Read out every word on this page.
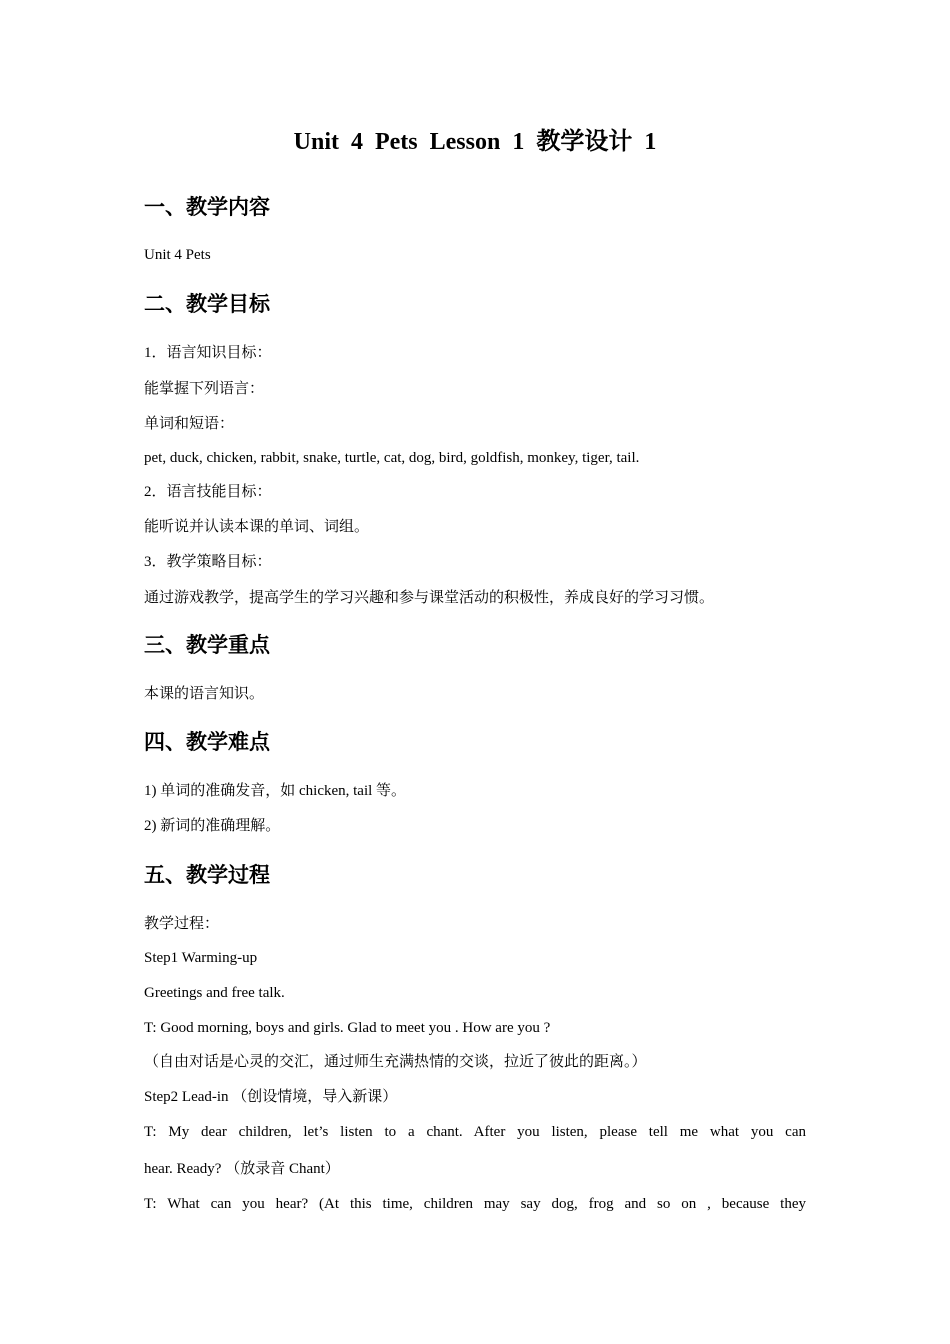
Unit 4 Pets Lesson 1 教学设计 1
一、教学内容
Unit 4 Pets
二、教学目标
1．语言知识目标：
能掌握下列语言：
单词和短语：
pet, duck, chicken, rabbit, snake, turtle, cat, dog, bird, goldfish, monkey, tiger, tail.
2．语言技能目标：
能听说并认读本课的单词、词组。
3．教学策略目标：
通过游戏教学，提高学生的学习兴趣和参与课堂活动的积极性，养成良好的学习习惯。
三、教学重点
本课的语言知识。
四、教学难点
1) 单词的准确发音，如 chicken, tail 等。
2) 新词的准确理解。
五、教学过程
教学过程：
Step1 Warming-up
Greetings and free talk.
T: Good morning, boys and girls. Glad to meet you . How are you ?
（自由对话是心灵的交汇，通过师生充满热情的交谈，拉近了彼此的距离。）
Step2 Lead-in （创设情境，导入新课）
T: My dear children, let’s listen to a chant. After you listen, please tell me what you can
hear. Ready? （放录音 Chant）
T: What can you hear? (At this time, children may say dog, frog and so on , because they
